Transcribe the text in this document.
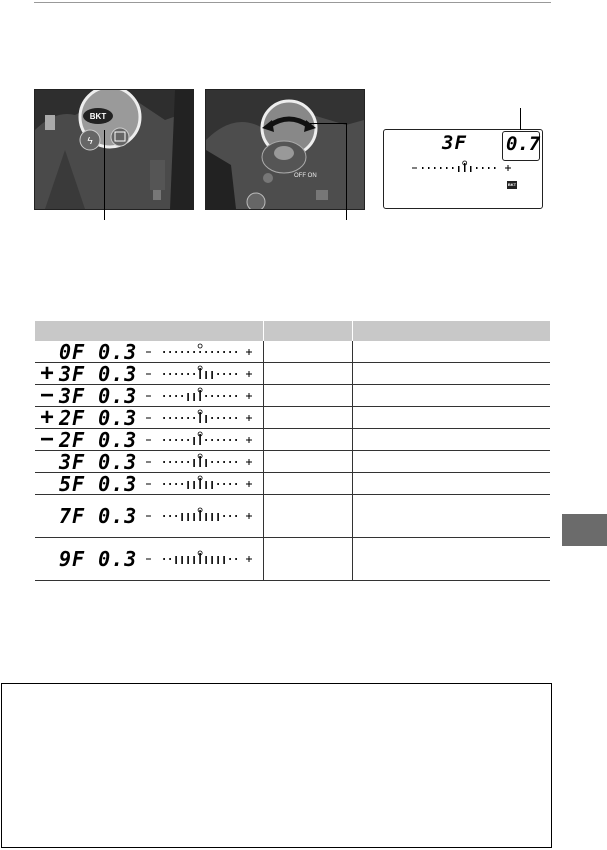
BKT
ϟ
OFF ON
3F 0.7
BKT

0F 0.3		

+ 3F 0.3		

− 3F 0.3		

+ 2F 0.3		

− 2F 0.3		

3F 0.3		

5F 0.3		

7F 0.3		

9F 0.3		
